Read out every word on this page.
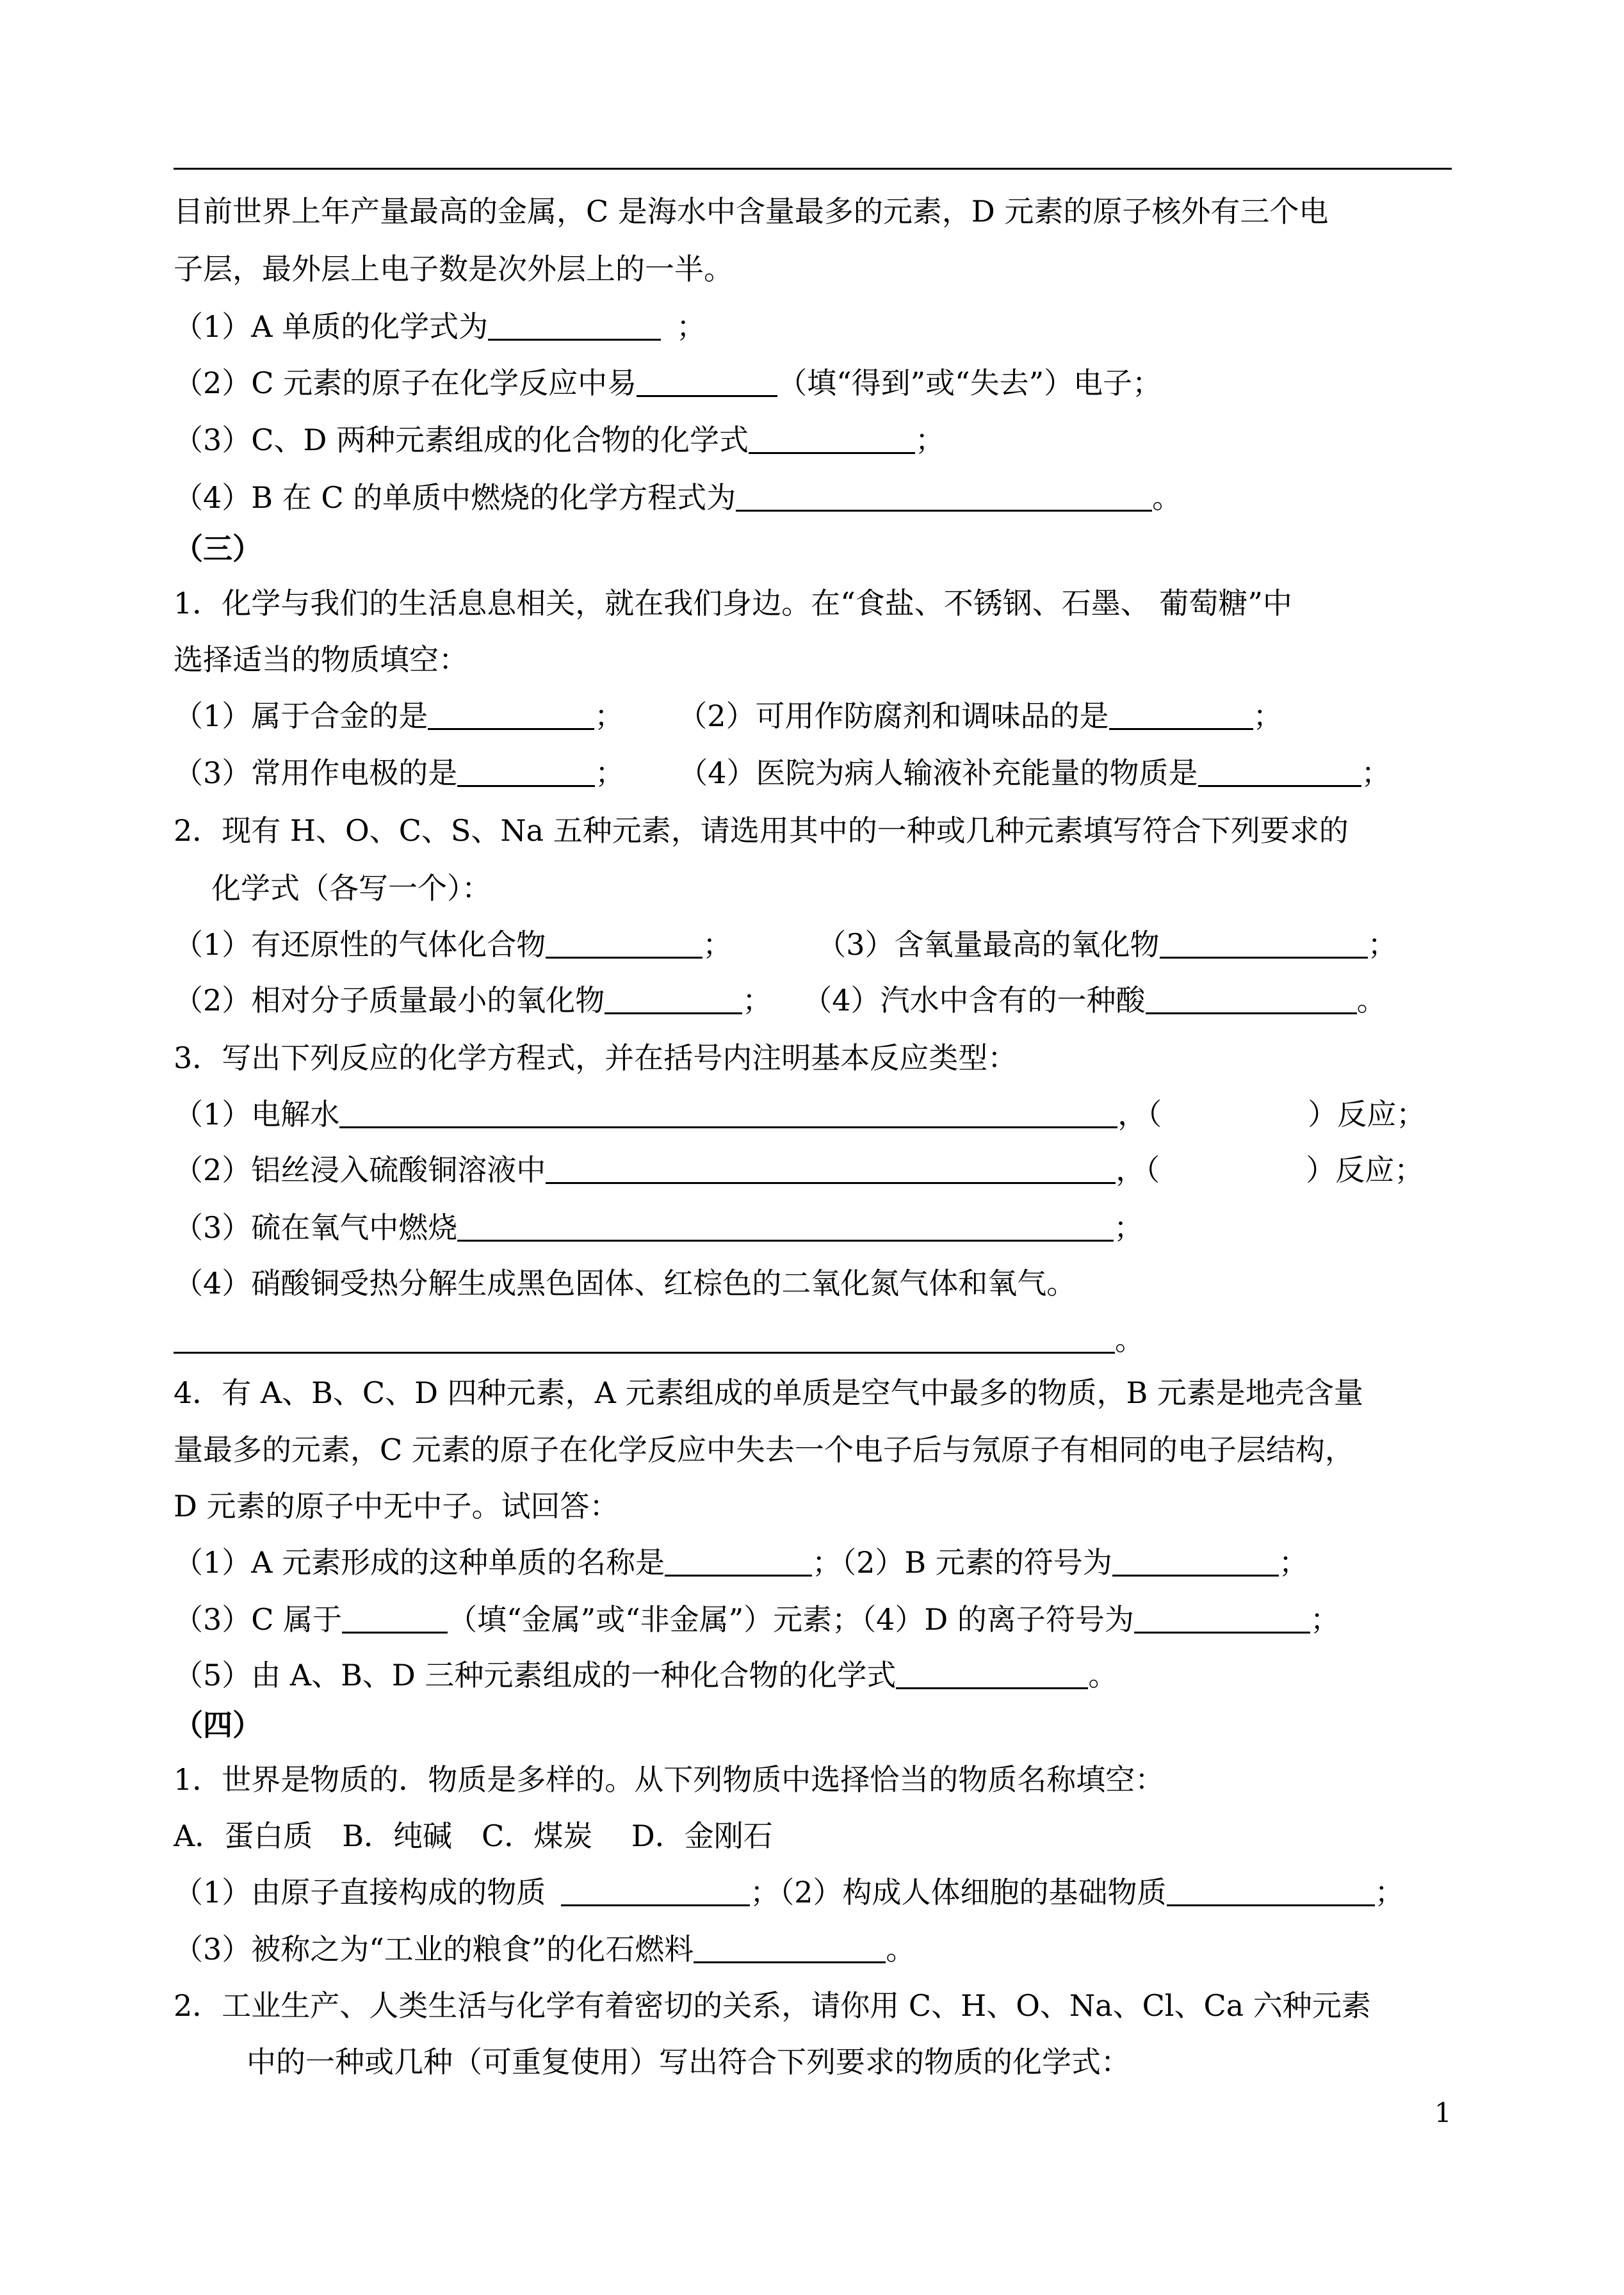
目前世界上年产量最高的金属，C 是海水中含量最多的元素，D 元素的原子核外有三个电
子层，最外层上电子数是次外层上的一半。
（1）A 单质的化学式为	；
（2）C 元素的原子在化学反应中易	（填“得到”或“失去”）电子；
（3）C、D 两种元素组成的化合物的化学式	；
（4）B 在 C 的单质中燃烧的化学方程式为	。
（三）
1．化学与我们的生活息息相关，就在我们身边。在“食盐、不锈钢、石墨、 葡萄糖”中
选择适当的物质填空：
（1）属于合金的是	； （2）可用作防腐剂和调味品的是	；
（3）常用作电极的是	； （4）医院为病人输液补充能量的物质是	；
2．现有 H、O、C、S、Na 五种元素，请选用其中的一种或几种元素填写符合下列要求的
化学式（各写一个）：
（1）有还原性的气体化合物	；	（3）含氧量最高的氧化物	；
（2）相对分子质量最小的氧化物	； （4）汽水中含有的一种酸	。
3．写出下列反应的化学方程式，并在括号内注明基本反应类型：
（1）电解水	，（	）反应；
（2）铝丝浸入硫酸铜溶液中	，（	）反应；
（3）硫在氧气中燃烧	；
（4）硝酸铜受热分解生成黑色固体、红棕色的二氧化氮气体和氧气。
。
4．有 A、B、C、D 四种元素，A 元素组成的单质是空气中最多的物质，B 元素是地壳含量
量最多的元素，C 元素的原子在化学反应中失去一个电子后与氖原子有相同的电子层结构，
D 元素的原子中无中子。试回答：
（1）A 元素形成的这种单质的名称是	；（2）B 元素的符号为	；
（3）C 属于	（填“金属”或“非金属”）元素；（4）D 的离子符号为	；
（5）由 A、B、D 三种元素组成的一种化合物的化学式	。
（四）
1．世界是物质的．物质是多样的。从下列物质中选择恰当的物质名称填空：
A．蛋白质　B．纯碱　C．煤炭　 D．金刚石
（1）由原子直接构成的物质	；（2）构成人体细胞的基础物质	；
（3）被称之为“工业的粮食”的化石燃料	。
2．工业生产、人类生活与化学有着密切的关系，请你用 C、H、O、Na、Cl、Ca 六种元素
中的一种或几种（可重复使用）写出符合下列要求的物质的化学式：
1
